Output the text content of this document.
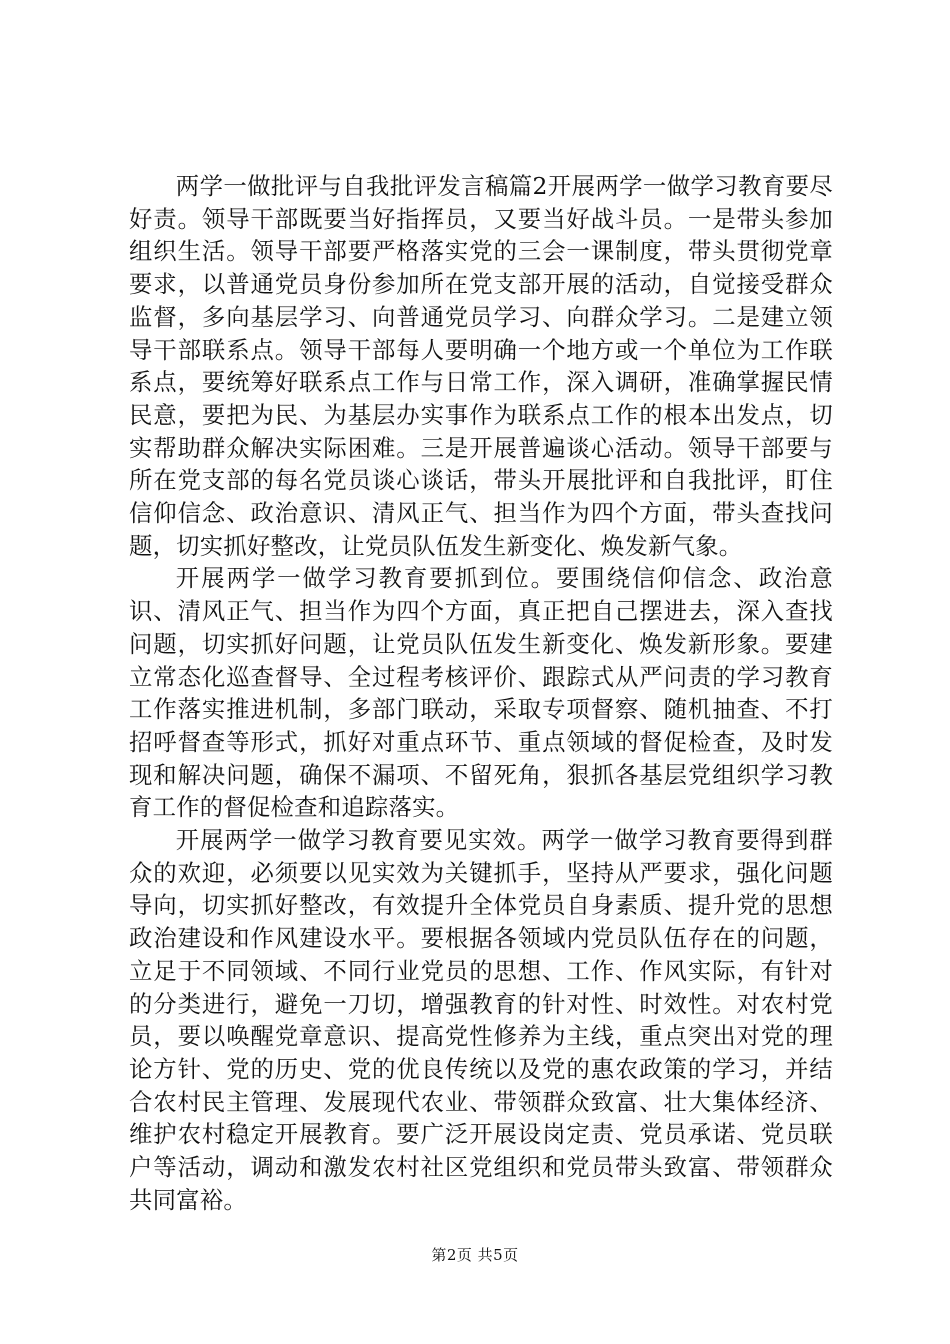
两学一做批评与自我批评发言稿篇2开展两学一做学习教育要尽好责。领导干部既要当好指挥员，又要当好战斗员。一是带头参加组织生活。领导干部要严格落实党的三会一课制度，带头贯彻党章要求，以普通党员身份参加所在党支部开展的活动，自觉接受群众监督，多向基层学习、向普通党员学习、向群众学习。二是建立领导干部联系点。领导干部每人要明确一个地方或一个单位为工作联系点，要统筹好联系点工作与日常工作，深入调研，准确掌握民情民意，要把为民、为基层办实事作为联系点工作的根本出发点，切实帮助群众解决实际困难。三是开展普遍谈心活动。领导干部要与所在党支部的每名党员谈心谈话，带头开展批评和自我批评，盯住信仰信念、政治意识、清风正气、担当作为四个方面，带头查找问题，切实抓好整改，让党员队伍发生新变化、焕发新气象。

开展两学一做学习教育要抓到位。要围绕信仰信念、政治意识、清风正气、担当作为四个方面，真正把自己摆进去，深入查找问题，切实抓好问题，让党员队伍发生新变化、焕发新形象。要建立常态化巡查督导、全过程考核评价、跟踪式从严问责的学习教育工作落实推进机制，多部门联动，采取专项督察、随机抽查、不打招呼督查等形式，抓好对重点环节、重点领域的督促检查，及时发现和解决问题，确保不漏项、不留死角，狠抓各基层党组织学习教育工作的督促检查和追踪落实。

开展两学一做学习教育要见实效。两学一做学习教育要得到群众的欢迎，必须要以见实效为关键抓手，坚持从严要求，强化问题导向，切实抓好整改，有效提升全体党员自身素质、提升党的思想政治建设和作风建设水平。要根据各领域内党员队伍存在的问题，立足于不同领域、不同行业党员的思想、工作、作风实际，有针对的分类进行，避免一刀切，增强教育的针对性、时效性。对农村党员，要以唤醒党章意识、提高党性修养为主线，重点突出对党的理论方针、党的历史、党的优良传统以及党的惠农政策的学习，并结合农村民主管理、发展现代农业、带领群众致富、壮大集体经济、维护农村稳定开展教育。要广泛开展设岗定责、党员承诺、党员联户等活动，调动和激发农村社区党组织和党员带头致富、带领群众共同富裕。

第2页 共5页
